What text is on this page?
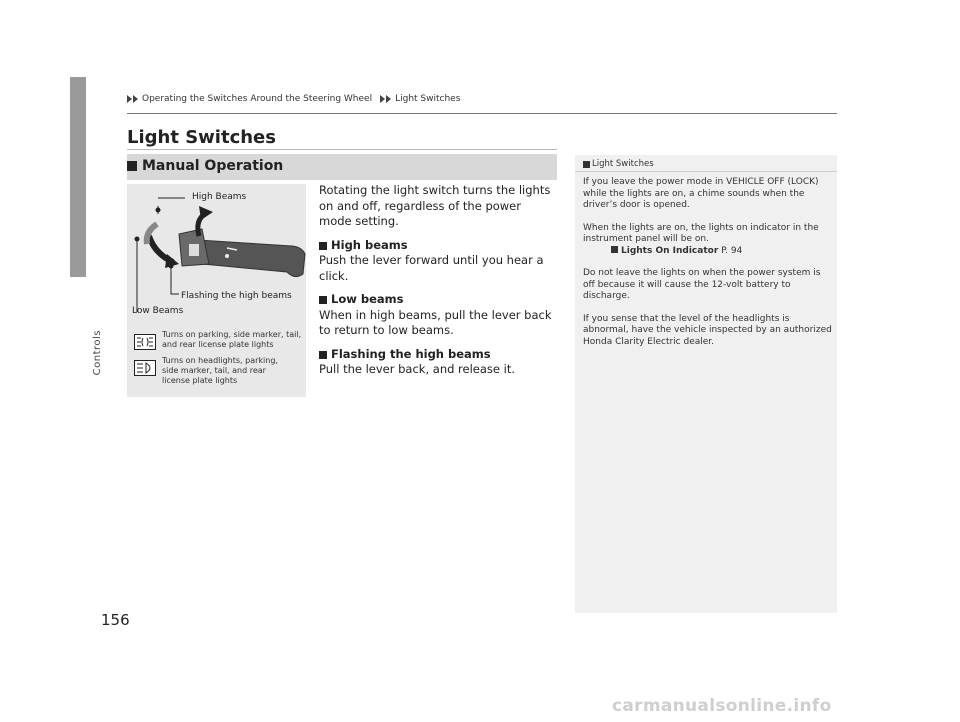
Controls
156
Operating the Switches Around the Steering Wheel	Light Switches
Light Switches
Manual Operation
High Beams
Flashing the high beams
Low Beams
Turns on parking, side marker, tail, and rear license plate lights
Turns on headlights, parking, side marker, tail, and rear license plate lights

Rotating the light switch turns the lights on and off, regardless of the power mode setting.

High beams

Push the lever forward until you hear a click.

Low beams

When in high beams, pull the lever back to return to low beams.

Flashing the high beams

Pull the lever back, and release it.

Light Switches

If you leave the power mode in VEHICLE OFF (LOCK) while the lights are on, a chime sounds when the driver’s door is opened.

When the lights are on, the lights on indicator in the instrument panel will be on.

Lights On Indicator P. 94

Do not leave the lights on when the power system is off because it will cause the 12-volt battery to discharge.

If you sense that the level of the headlights is abnormal, have the vehicle inspected by an authorized Honda Clarity Electric dealer.

carmanualsonline.info
